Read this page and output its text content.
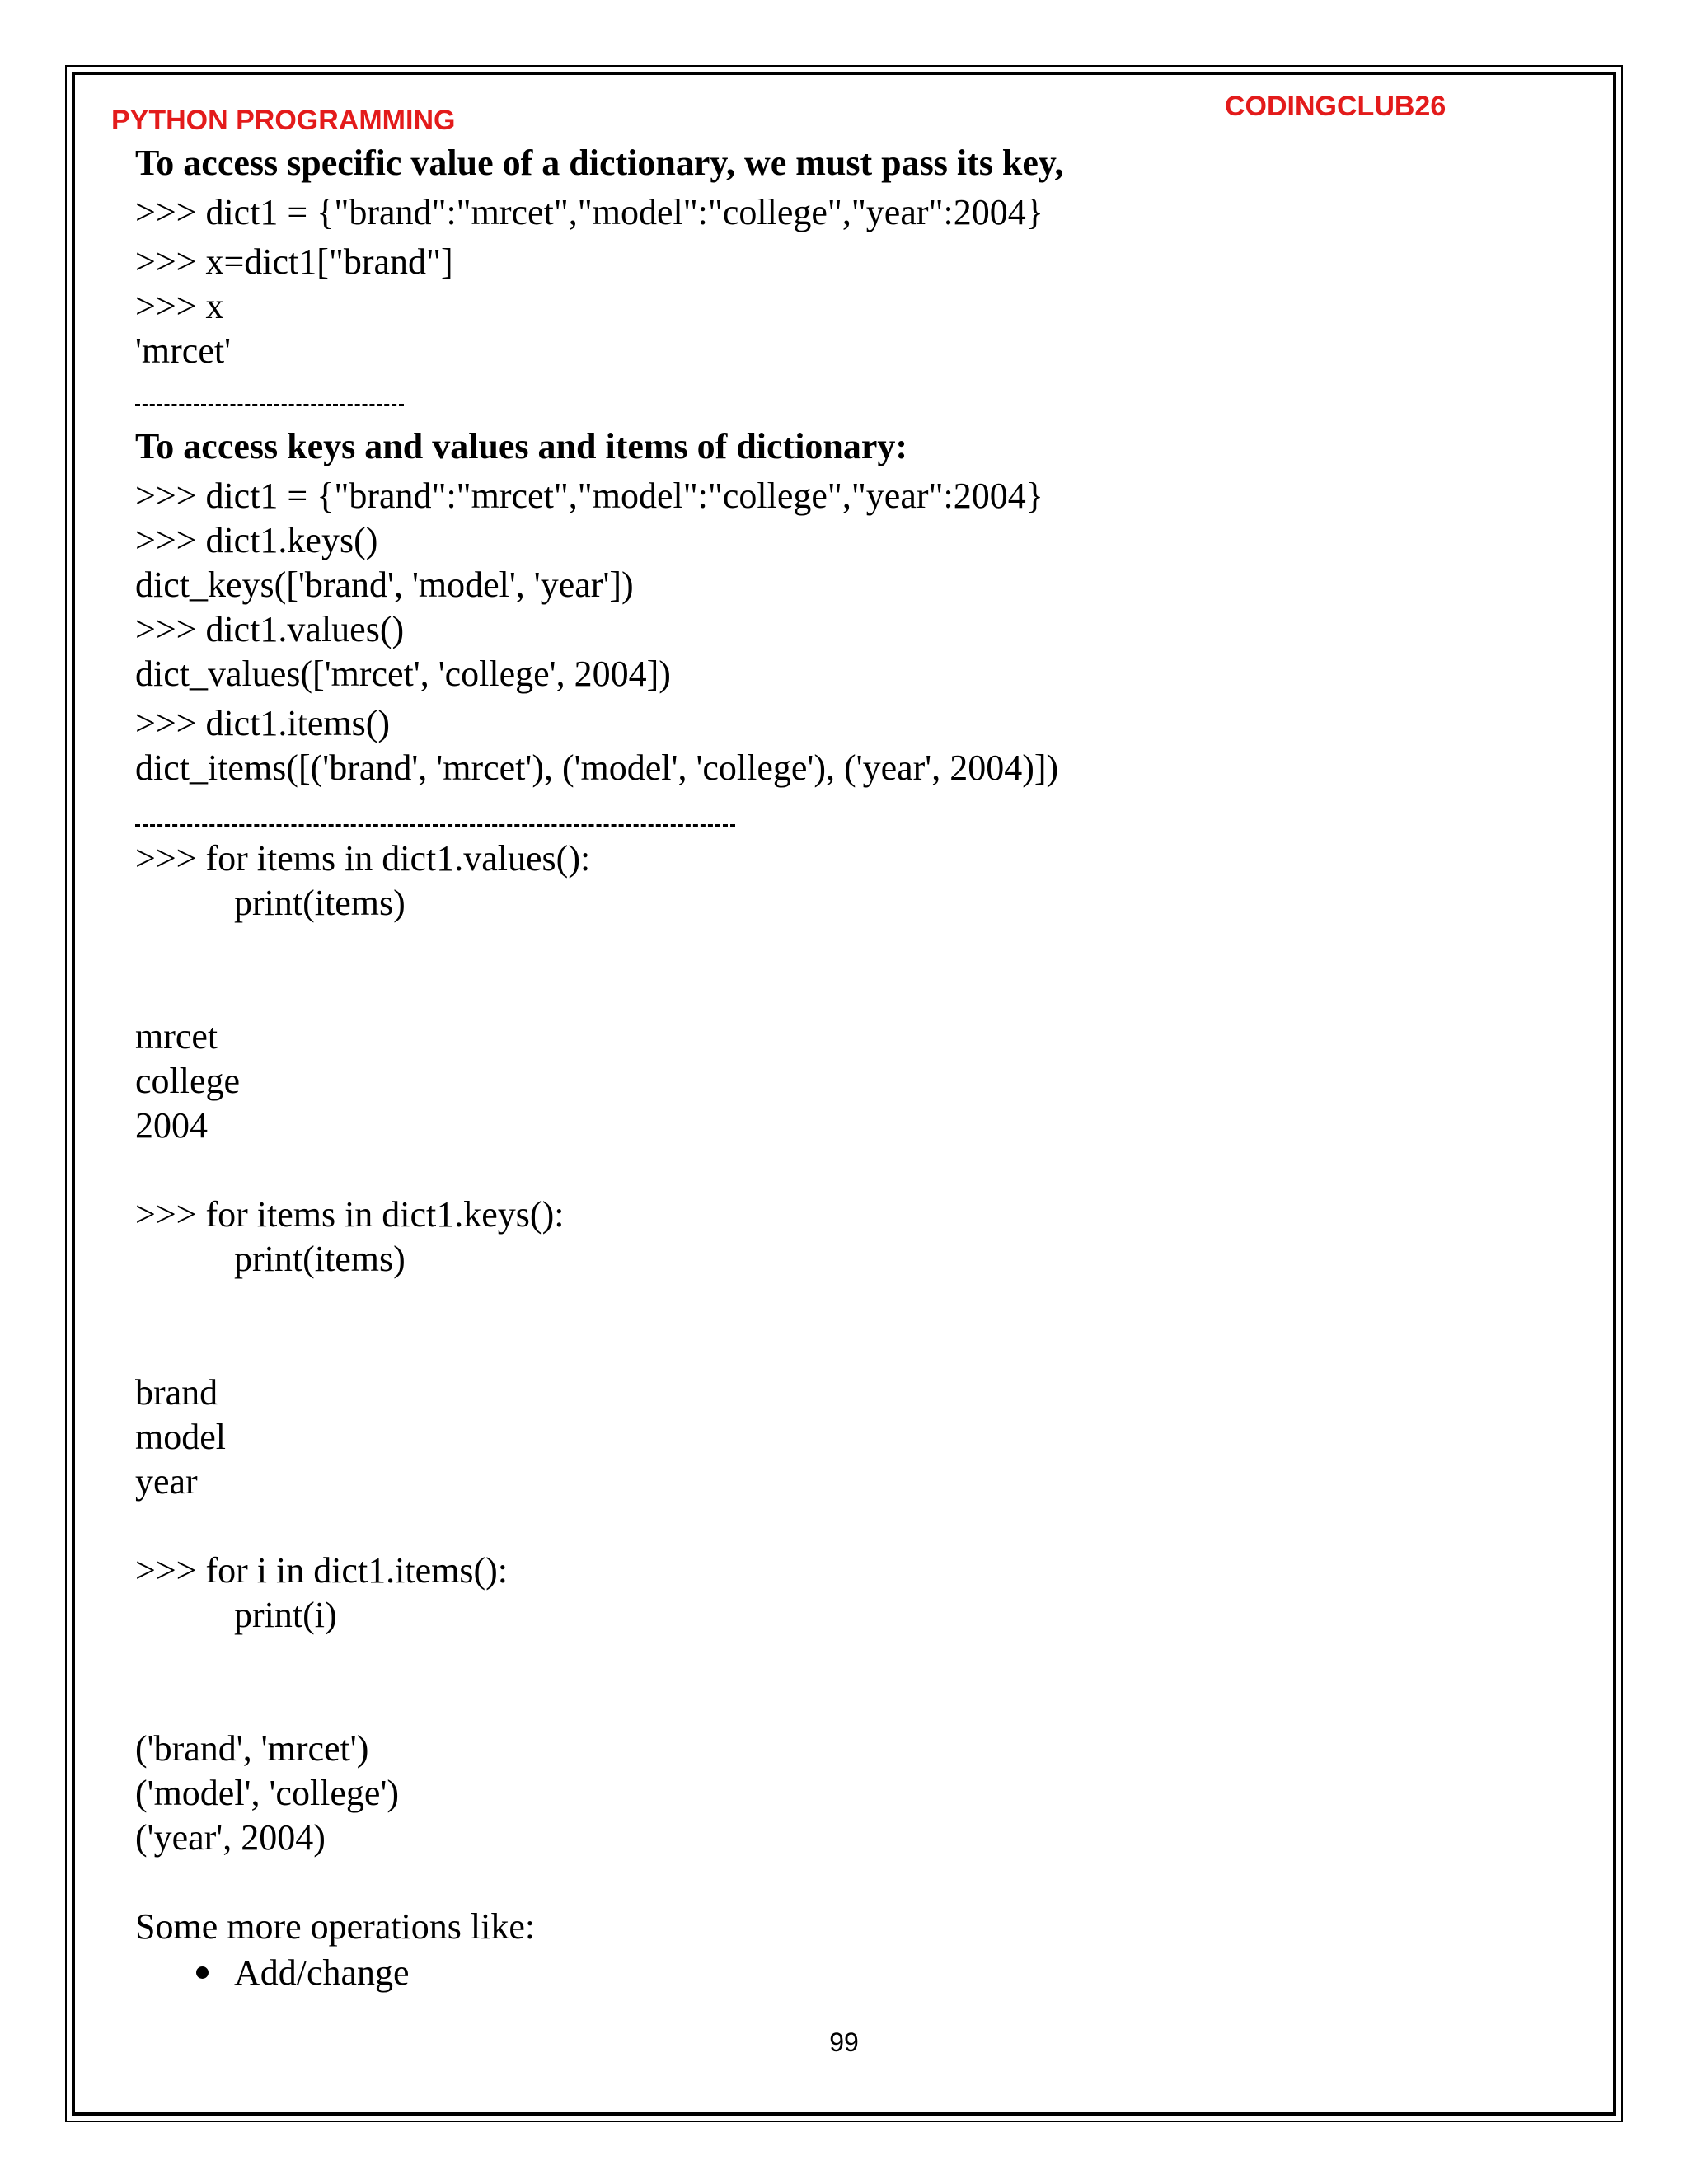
PYTHON PROGRAMMING	CODINGCLUB26
To access specific value of a dictionary, we must pass its key,
>>> dict1 = {"brand":"mrcet","model":"college","year":2004}
>>> x=dict1["brand"]
>>> x
'mrcet'
To access keys and values and items of dictionary:
>>> dict1 = {"brand":"mrcet","model":"college","year":2004}
>>> dict1.keys()
dict_keys(['brand', 'model', 'year'])
>>> dict1.values()
dict_values(['mrcet', 'college', 2004])
>>> dict1.items()
dict_items([('brand', 'mrcet'), ('model', 'college'), ('year', 2004)])
>>> for items in dict1.values():
print(items)
mrcet
college
2004
>>> for items in dict1.keys():
print(items)
brand
model
year
>>> for i in dict1.items():
print(i)
('brand', 'mrcet')
('model', 'college')
('year', 2004)
Some more operations like:
Add/change
99
